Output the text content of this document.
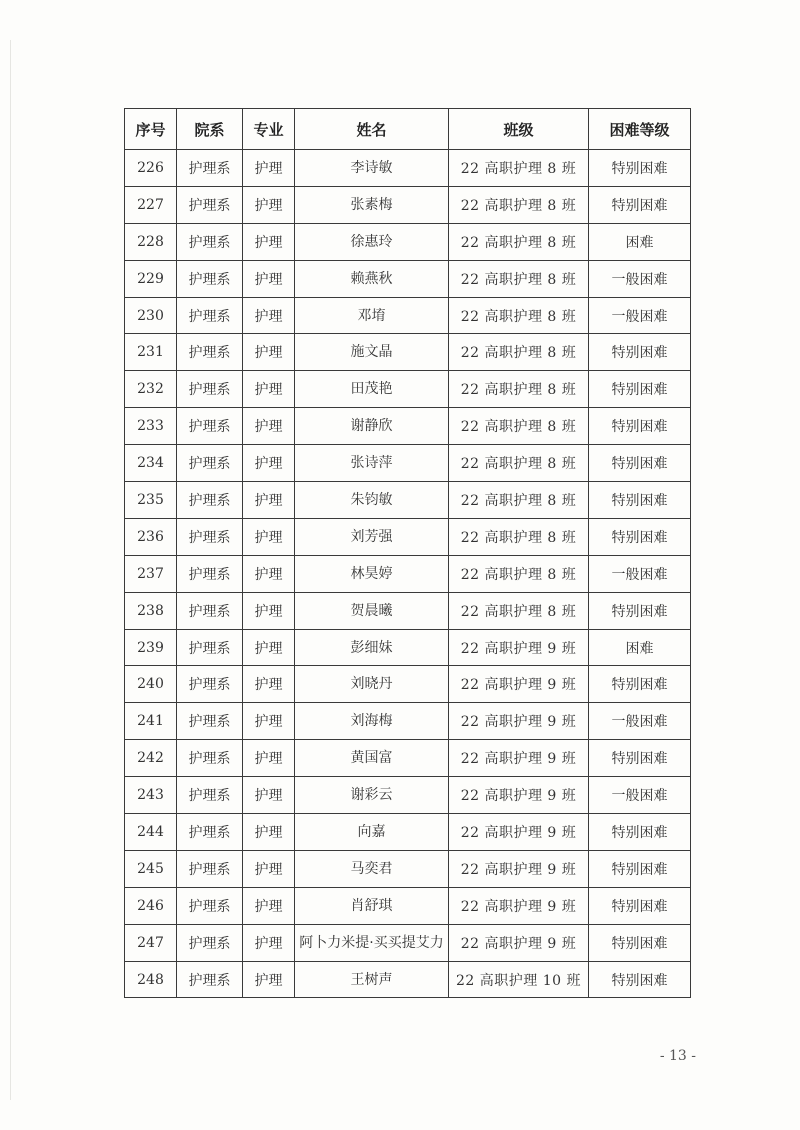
序号	院系	专业	姓名	班级	困难等级
226	护理系	护理	李诗敏	22 高职护理 8 班	特别困难
227	护理系	护理	张素梅	22 高职护理 8 班	特别困难
228	护理系	护理	徐惠玲	22 高职护理 8 班	困难
229	护理系	护理	赖燕秋	22 高职护理 8 班	一般困难
230	护理系	护理	邓堉	22 高职护理 8 班	一般困难
231	护理系	护理	施文晶	22 高职护理 8 班	特别困难
232	护理系	护理	田茂艳	22 高职护理 8 班	特别困难
233	护理系	护理	谢静欣	22 高职护理 8 班	特别困难
234	护理系	护理	张诗萍	22 高职护理 8 班	特别困难
235	护理系	护理	朱钧敏	22 高职护理 8 班	特别困难
236	护理系	护理	刘芳强	22 高职护理 8 班	特别困难
237	护理系	护理	林昊婷	22 高职护理 8 班	一般困难
238	护理系	护理	贺晨曦	22 高职护理 8 班	特别困难
239	护理系	护理	彭细妹	22 高职护理 9 班	困难
240	护理系	护理	刘晓丹	22 高职护理 9 班	特别困难
241	护理系	护理	刘海梅	22 高职护理 9 班	一般困难
242	护理系	护理	黄国富	22 高职护理 9 班	特别困难
243	护理系	护理	谢彩云	22 高职护理 9 班	一般困难
244	护理系	护理	向嘉	22 高职护理 9 班	特别困难
245	护理系	护理	马奕君	22 高职护理 9 班	特别困难
246	护理系	护理	肖舒琪	22 高职护理 9 班	特别困难
247	护理系	护理	阿卜力米提·买买提艾力	22 高职护理 9 班	特别困难
248	护理系	护理	王树声	22 高职护理 10 班	特别困难
- 13 -
